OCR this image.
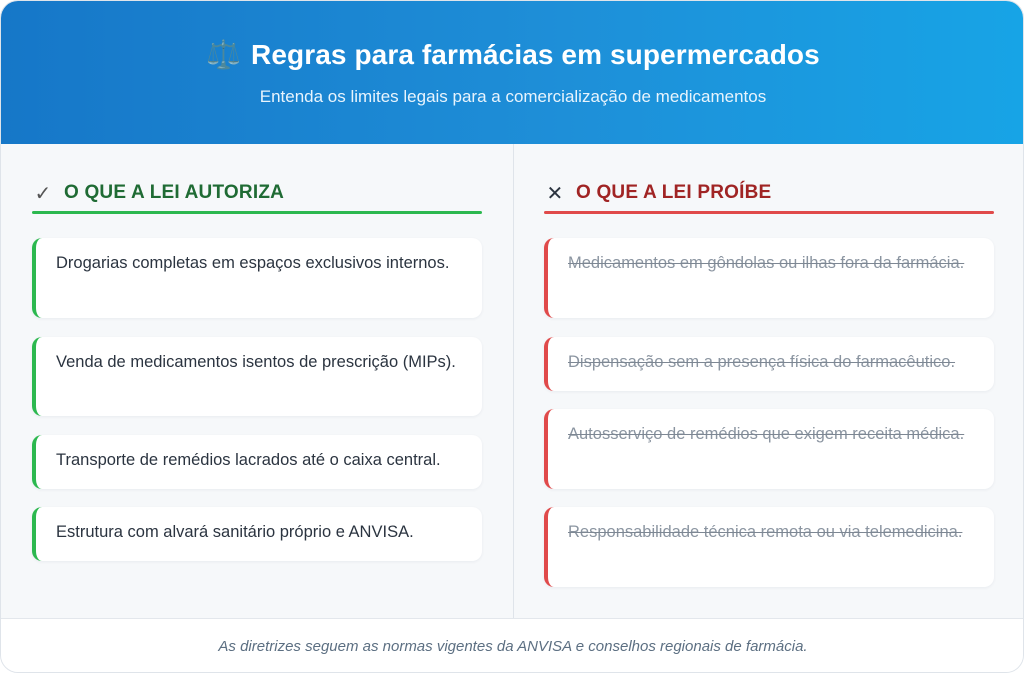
⚖️ Regras para farmácias em supermercados
Entenda os limites legais para a comercialização de medicamentos
✓ O QUE A LEI AUTORIZA
Drogarias completas em espaços exclusivos internos.
Venda de medicamentos isentos de prescrição (MIPs).
Transporte de remédios lacrados até o caixa central.
Estrutura com alvará sanitário próprio e ANVISA.
✕ O QUE A LEI PROÍBE
Medicamentos em gôndolas ou ilhas fora da farmácia.
Dispensação sem a presença física do farmacêutico.
Autosserviço de remédios que exigem receita médica.
Responsabilidade técnica remota ou via telemedicina.
As diretrizes seguem as normas vigentes da ANVISA e conselhos regionais de farmácia.
